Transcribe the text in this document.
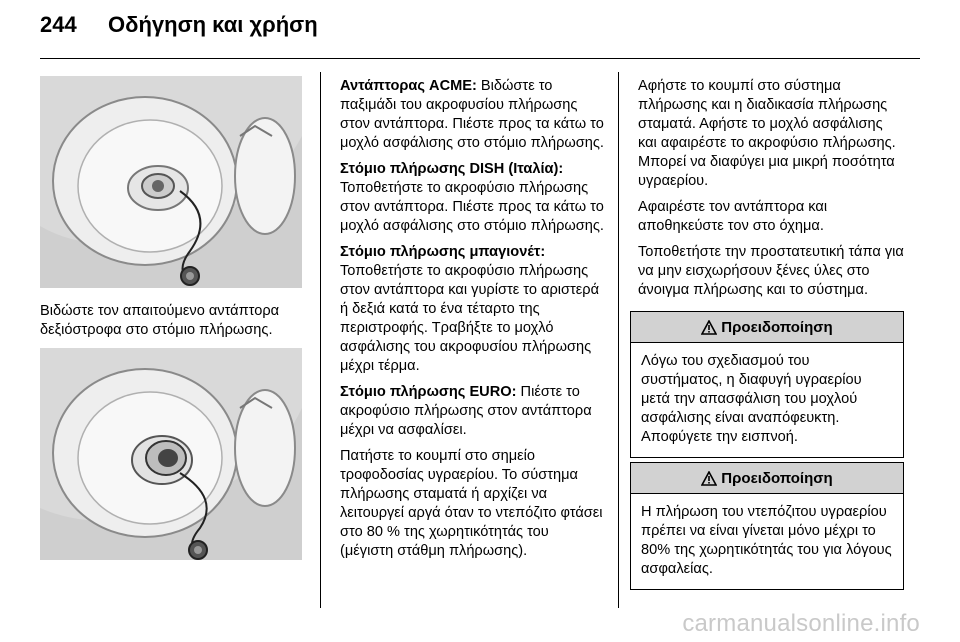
244 Οδήγηση και χρήση

Βιδώστε τον απαιτούμενο αντάπτορα δεξιόστροφα στο στόμιο πλήρωσης.

Αντάπτορας ACME: Βιδώστε το παξιμάδι του ακροφυσίου πλήρωσης στον αντάπτορα. Πιέστε προς τα κάτω το μοχλό ασφάλισης στο στόμιο πλήρωσης.

Στόμιο πλήρωσης DISH (Ιταλία): Τοποθετήστε το ακροφύσιο πλήρωσης στον αντάπτορα. Πιέστε προς τα κάτω το μοχλό ασφάλισης στο στόμιο πλήρωσης.

Στόμιο πλήρωσης μπαγιονέτ: Τοποθετήστε το ακροφύσιο πλήρωσης στον αντάπτορα και γυρίστε το αριστερά ή δεξιά κατά το ένα τέταρτο της περιστροφής. Τραβήξτε το μοχλό ασφάλισης του ακροφυσίου πλήρωσης μέχρι τέρμα.

Στόμιο πλήρωσης EURO: Πιέστε το ακροφύσιο πλήρωσης στον αντάπτορα μέχρι να ασφαλίσει.

Πατήστε το κουμπί στο σημείο τροφοδοσίας υγραερίου. Το σύστημα πλήρωσης σταματά ή αρχίζει να λειτουργεί αργά όταν το ντεπόζιτο φτάσει στο 80 % της χωρητικότητάς του (μέγιστη στάθμη πλήρωσης).

Αφήστε το κουμπί στο σύστημα πλήρωσης και η διαδικασία πλήρωσης σταματά. Αφήστε το μοχλό ασφάλισης και αφαιρέστε το ακροφύσιο πλήρωσης. Μπορεί να διαφύγει μια μικρή ποσότητα υγραερίου.

Αφαιρέστε τον αντάπτορα και αποθηκεύστε τον στο όχημα.

Τοποθετήστε την προστατευτική τάπα για να μην εισχωρήσουν ξένες ύλες στο άνοιγμα πλήρωσης και το σύστημα.

Προειδοποίηση
Λόγω του σχεδιασμού του συστήματος, η διαφυγή υγραερίου μετά την απασφάλιση του μοχλού ασφάλισης είναι αναπόφευκτη. Αποφύγετε την εισπνοή.
Προειδοποίηση
Η πλήρωση του ντεπόζιτου υγραερίου πρέπει να είναι γίνεται μόνο μέχρι το 80% της χωρητικότητάς του για λόγους ασφαλείας.
carmanualsonline.info
